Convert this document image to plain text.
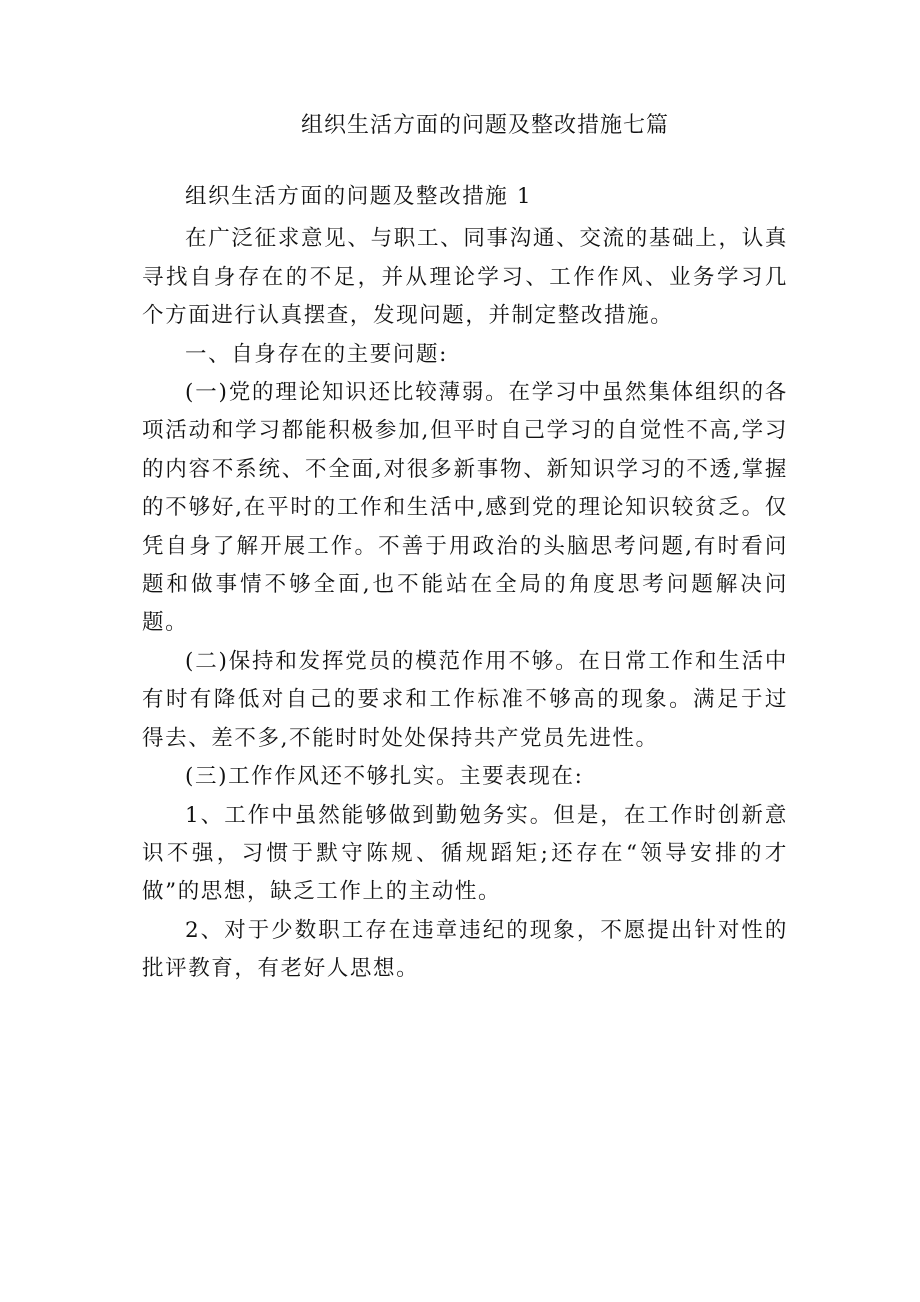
zixin
组织生活方面的问题及整改措施七篇

组织生活方面的问题及整改措施 1

在广泛征求意见、与职工、同事沟通、交流的基础上，认真寻找自身存在的不足，并从理论学习、工作作风、业务学习几个方面进行认真摆查，发现问题，并制定整改措施。

一、自身存在的主要问题:

(一)党的理论知识还比较薄弱。在学习中虽然集体组织的各项活动和学习都能积极参加,但平时自己学习的自觉性不高,学习的内容不系统、不全面,对很多新事物、新知识学习的不透,掌握的不够好,在平时的工作和生活中,感到党的理论知识较贫乏。仅凭自身了解开展工作。不善于用政治的头脑思考问题,有时看问题和做事情不够全面,也不能站在全局的角度思考问题解决问题。

(二)保持和发挥党员的模范作用不够。在日常工作和生活中有时有降低对自己的要求和工作标准不够高的现象。满足于过得去、差不多,不能时时处处保持共产党员先进性。

(三)工作作风还不够扎实。主要表现在:

1、工作中虽然能够做到勤勉务实。但是，在工作时创新意识不强，习惯于默守陈规、循规蹈矩;还存在“领导安排的才做”的思想，缺乏工作上的主动性。

2、对于少数职工存在违章违纪的现象，不愿提出针对性的批评教育，有老好人思想。
